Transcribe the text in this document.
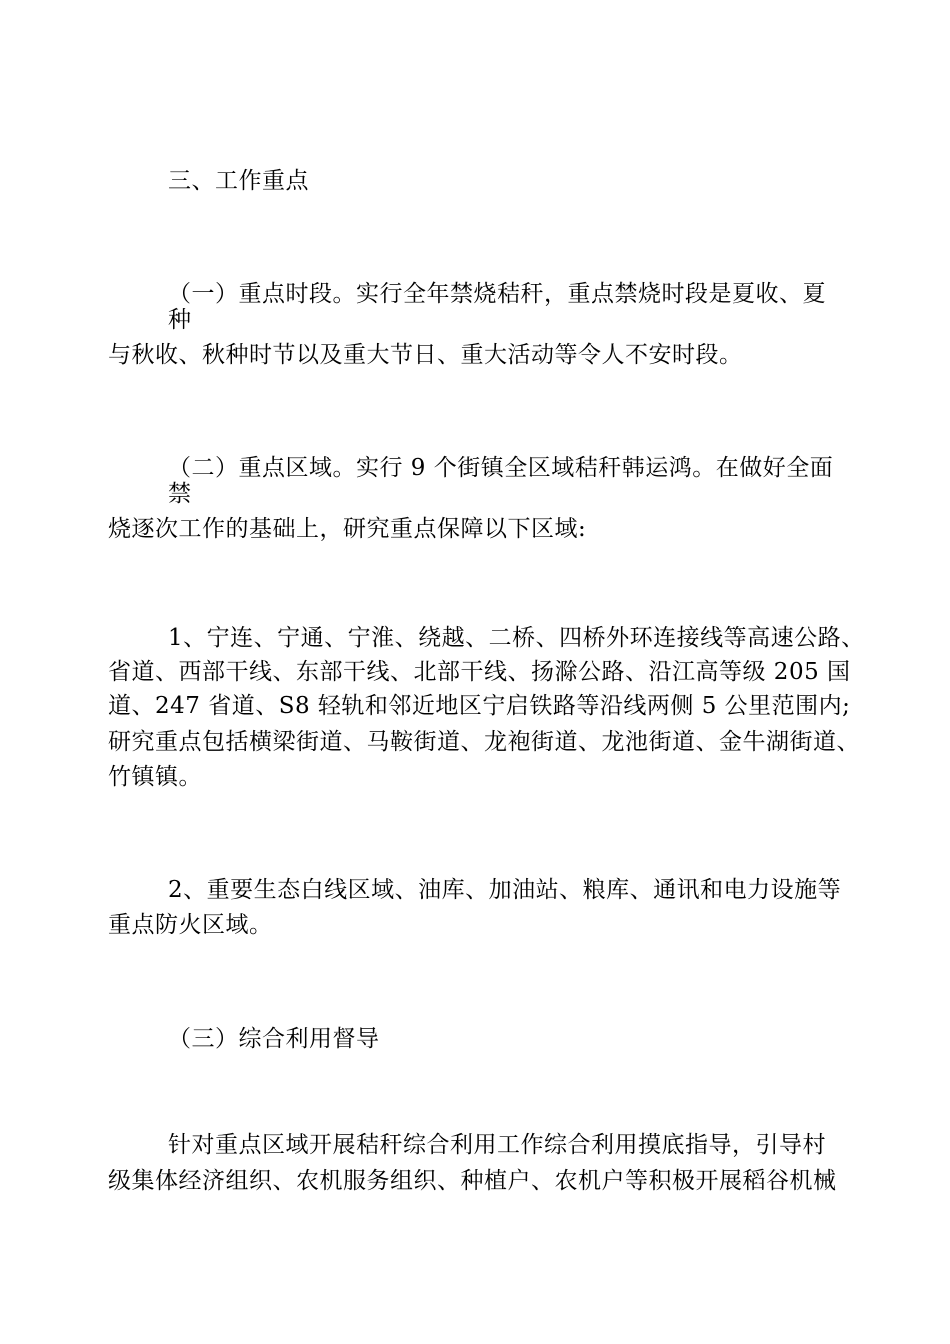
三、工作重点
（一）重点时段。实行全年禁烧秸秆，重点禁烧时段是夏收、夏
种
与秋收、秋种时节以及重大节日、重大活动等令人不安时段。
（二）重点区域。实行 9 个街镇全区域秸秆韩运鸿。在做好全面
禁
烧逐次工作的基础上，研究重点保障以下区域:
1、宁连、宁通、宁淮、绕越、二桥、四桥外环连接线等高速公路、
省道、西部干线、东部干线、北部干线、扬滁公路、沿江高等级 205 国
道、247 省道、S8 轻轨和邻近地区宁启铁路等沿线两侧 5 公里范围内;
研究重点包括横梁街道、马鞍街道、龙袍街道、龙池街道、金牛湖街道、
竹镇镇。
2、重要生态白线区域、油库、加油站、粮库、通讯和电力设施等
重点防火区域。
（三）综合利用督导
针对重点区域开展秸秆综合利用工作综合利用摸底指导，引导村
级集体经济组织、农机服务组织、种植户、农机户等积极开展稻谷机械
